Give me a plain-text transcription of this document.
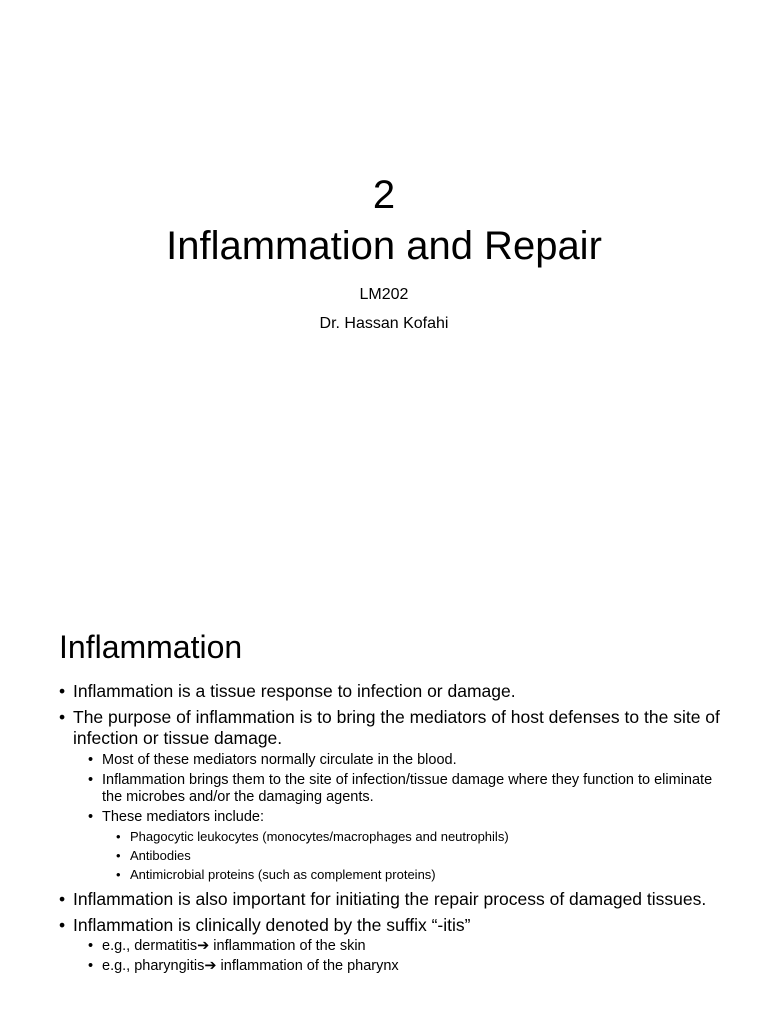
2
Inflammation and Repair
LM202
Dr. Hassan Kofahi
Inflammation
• Inflammation is a tissue response to infection or damage.
• The purpose of inflammation is to bring the mediators of host defenses to the site of infection or tissue damage.
• Most of these mediators normally circulate in the blood.
• Inflammation brings them to the site of infection/tissue damage where they function to eliminate the microbes and/or the damaging agents.
• These mediators include:
• Phagocytic leukocytes (monocytes/macrophages and neutrophils)
• Antibodies
• Antimicrobial proteins (such as complement proteins)
• Inflammation is also important for initiating the repair process of damaged tissues.
• Inflammation is clinically denoted by the suffix “-itis”
• e.g., dermatitis➔ inflammation of the skin
• e.g., pharyngitis➔ inflammation of the pharynx
